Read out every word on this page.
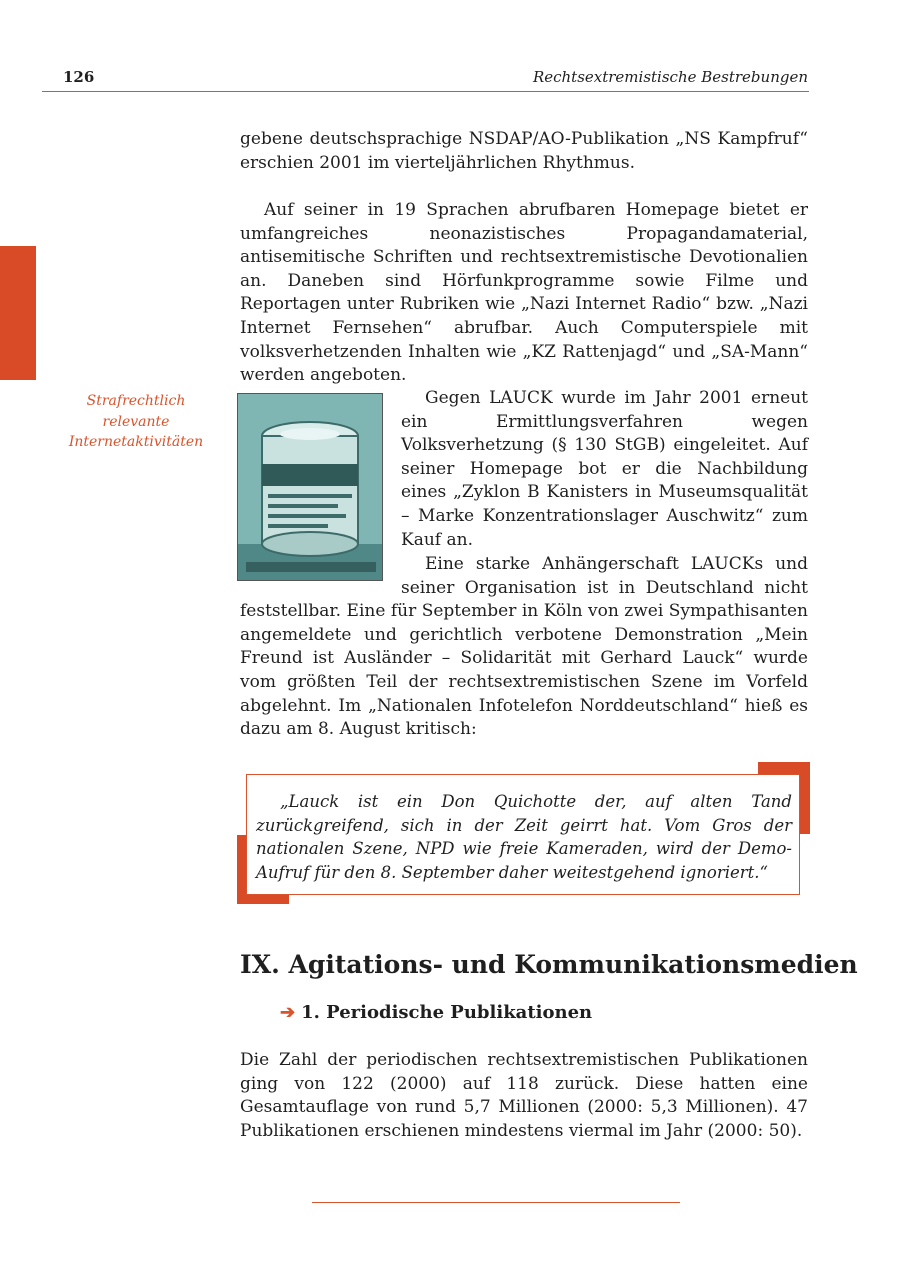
126	Rechtsextremistische Bestrebungen
Strafrechtlich
relevante
Internetaktivitäten

gebene deutschsprachige NSDAP/AO-Publikation „NS Kampfruf“ erschien 2001 im vierteljährlichen Rhythmus.

Auf seiner in 19 Sprachen abrufbaren Homepage bietet er umfangreiches neonazistisches Propagandamaterial, antisemitische Schriften und rechtsextremistische Devotionalien an. Daneben sind Hörfunkprogramme sowie Filme und Reportagen unter Rubriken wie „Nazi Internet Radio“ bzw. „Nazi Internet Fernsehen“ abrufbar. Auch Computerspiele mit volksverhetzenden Inhalten wie „KZ Rattenjagd“ und „SA-Mann“ werden angeboten.

Gegen LAUCK wurde im Jahr 2001 erneut ein Ermittlungsverfahren wegen Volksverhetzung (§ 130 StGB) eingeleitet. Auf seiner Homepage bot er die Nachbildung eines „Zyklon B Kanisters in Museumsqualität – Marke Konzentrationslager Auschwitz“ zum Kauf an.

Eine starke Anhängerschaft LAUCKs und seiner Organisation ist in Deutschland nicht feststellbar. Eine für September in Köln von zwei Sympathisanten angemeldete und gerichtlich verbotene Demonstration „Mein Freund ist Ausländer – Solidarität mit Gerhard Lauck“ wurde vom größten Teil der rechtsextremistischen Szene im Vorfeld abgelehnt. Im „Nationalen Infotelefon Norddeutschland“ hieß es dazu am 8. August kritisch:

„Lauck ist ein Don Quichotte der, auf alten Tand zurückgreifend, sich in der Zeit geirrt hat. Vom Gros der nationalen Szene, NPD wie freie Kameraden, wird der Demo-Aufruf für den 8. September daher weitestgehend ignoriert.“

IX. Agitations- und Kommunikationsmedien
➔ 1. Periodische Publikationen

Die Zahl der periodischen rechtsextremistischen Publikationen ging von 122 (2000) auf 118 zurück. Diese hatten eine Gesamtauflage von rund 5,7 Millionen (2000: 5,3 Millionen). 47 Publikationen erschienen mindestens viermal im Jahr (2000: 50).
